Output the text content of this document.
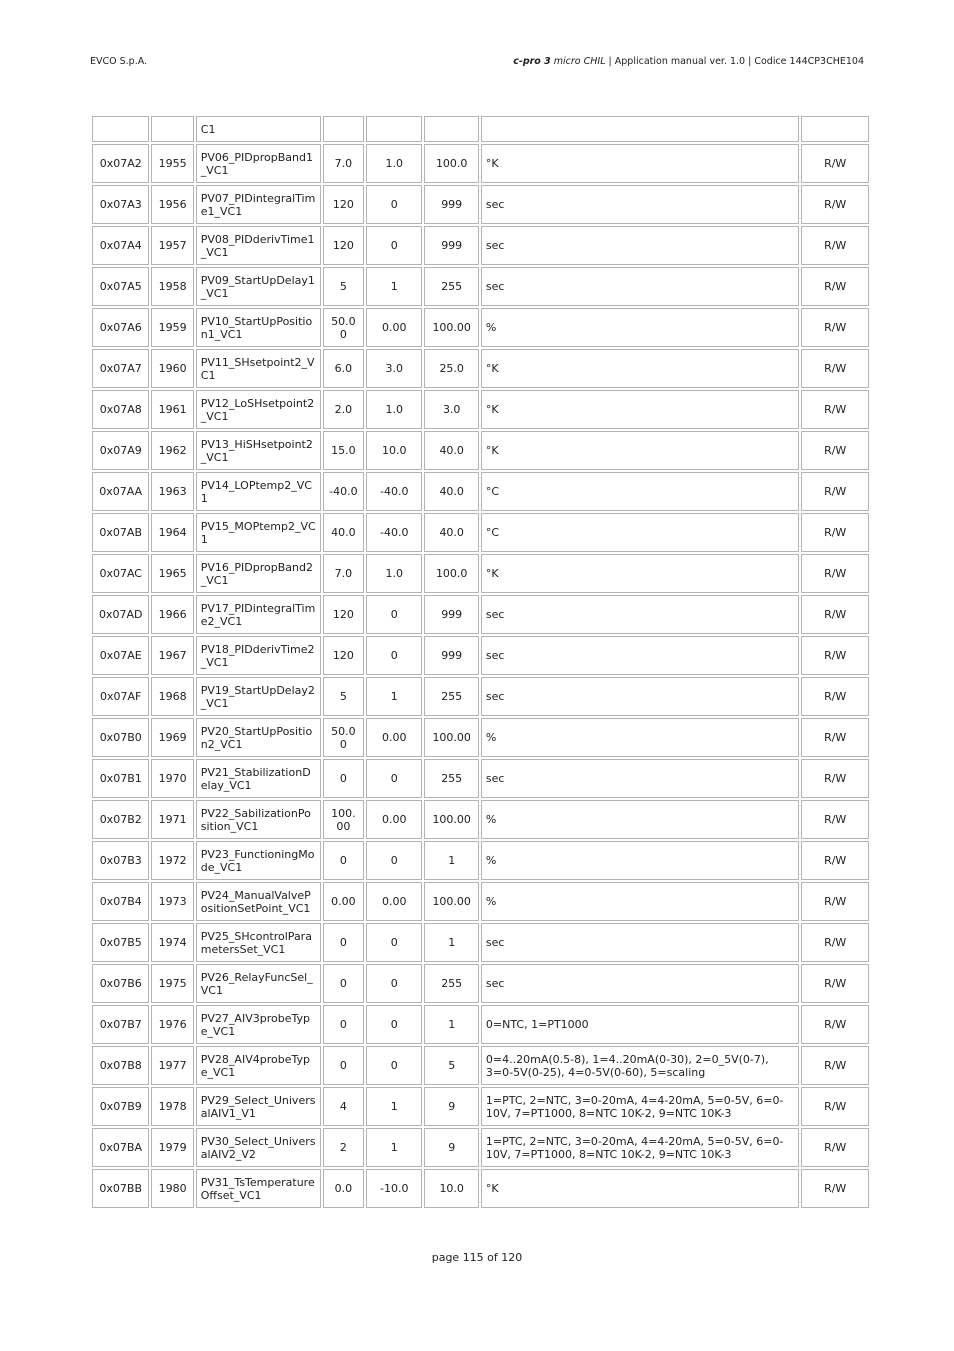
EVCO S.p.A.	c-pro 3 micro CHIL | Application manual ver. 1.0 | Codice 144CP3CHE104
		C1					
0x07A2	1955	PV06_PIDpropBand1_VC1	7.0	1.0	100.0	°K	R/W
0x07A3	1956	PV07_PIDintegralTime1_VC1	120	0	999	sec	R/W
0x07A4	1957	PV08_PIDderivTime1_VC1	120	0	999	sec	R/W
0x07A5	1958	PV09_StartUpDelay1_VC1	5	1	255	sec	R/W
0x07A6	1959	PV10_StartUpPosition1_VC1	50.00	0.00	100.00	%	R/W
0x07A7	1960	PV11_SHsetpoint2_VC1	6.0	3.0	25.0	°K	R/W
0x07A8	1961	PV12_LoSHsetpoint2_VC1	2.0	1.0	3.0	°K	R/W
0x07A9	1962	PV13_HiSHsetpoint2_VC1	15.0	10.0	40.0	°K	R/W
0x07AA	1963	PV14_LOPtemp2_VC1	-40.0	-40.0	40.0	°C	R/W
0x07AB	1964	PV15_MOPtemp2_VC1	40.0	-40.0	40.0	°C	R/W
0x07AC	1965	PV16_PIDpropBand2_VC1	7.0	1.0	100.0	°K	R/W
0x07AD	1966	PV17_PIDintegralTime2_VC1	120	0	999	sec	R/W
0x07AE	1967	PV18_PIDderivTime2_VC1	120	0	999	sec	R/W
0x07AF	1968	PV19_StartUpDelay2_VC1	5	1	255	sec	R/W
0x07B0	1969	PV20_StartUpPosition2_VC1	50.00	0.00	100.00	%	R/W
0x07B1	1970	PV21_StabilizationDelay_VC1	0	0	255	sec	R/W
0x07B2	1971	PV22_SabilizationPosition_VC1	100.00	0.00	100.00	%	R/W
0x07B3	1972	PV23_FunctioningMode_VC1	0	0	1	%	R/W
0x07B4	1973	PV24_ManualValvePositionSetPoint_VC1	0.00	0.00	100.00	%	R/W
0x07B5	1974	PV25_SHcontrolParametersSet_VC1	0	0	1	sec	R/W
0x07B6	1975	PV26_RelayFuncSel_VC1	0	0	255	sec	R/W
0x07B7	1976	PV27_AIV3probeType_VC1	0	0	1	0=NTC, 1=PT1000	R/W
0x07B8	1977	PV28_AIV4probeType_VC1	0	0	5	0=4..20mA(0.5-8), 1=4..20mA(0-30), 2=0_5V(0-7), 3=0-5V(0-25), 4=0-5V(0-60), 5=scaling	R/W
0x07B9	1978	PV29_Select_UniversalAIV1_V1	4	1	9	1=PTC, 2=NTC, 3=0-20mA, 4=4-20mA, 5=0-5V, 6=0-10V, 7=PT1000, 8=NTC 10K-2, 9=NTC 10K-3	R/W
0x07BA	1979	PV30_Select_UniversalAIV2_V2	2	1	9	1=PTC, 2=NTC, 3=0-20mA, 4=4-20mA, 5=0-5V, 6=0-10V, 7=PT1000, 8=NTC 10K-2, 9=NTC 10K-3	R/W
0x07BB	1980	PV31_TsTemperatureOffset_VC1	0.0	-10.0	10.0	°K	R/W
page 115 of 120
